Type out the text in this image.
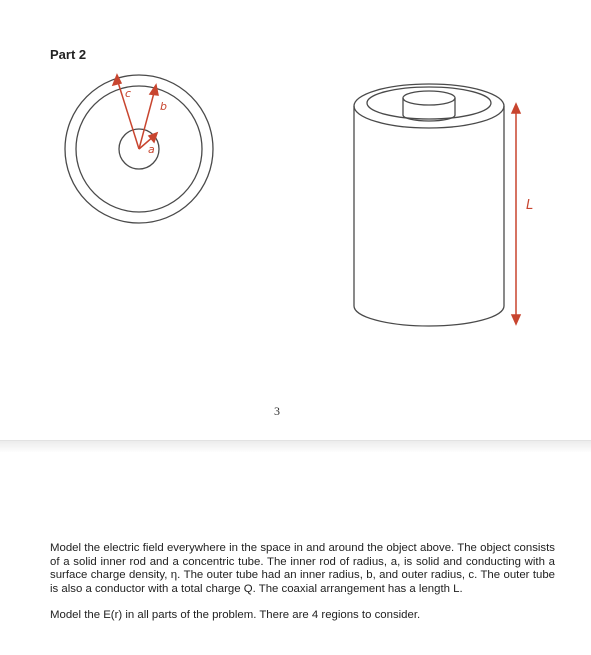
Part 2
c
b
a
L
3

Model the electric field everywhere in the space in and around the object above. The object consists of a solid inner rod and a concentric tube. The inner rod of radius, a, is solid and conducting with a surface charge density, η. The outer tube had an inner radius, b, and outer radius, c. The outer tube is also a conductor with a total charge Q. The coaxial arrangement has a length L.

Model the E(r) in all parts of the problem. There are 4 regions to consider.
